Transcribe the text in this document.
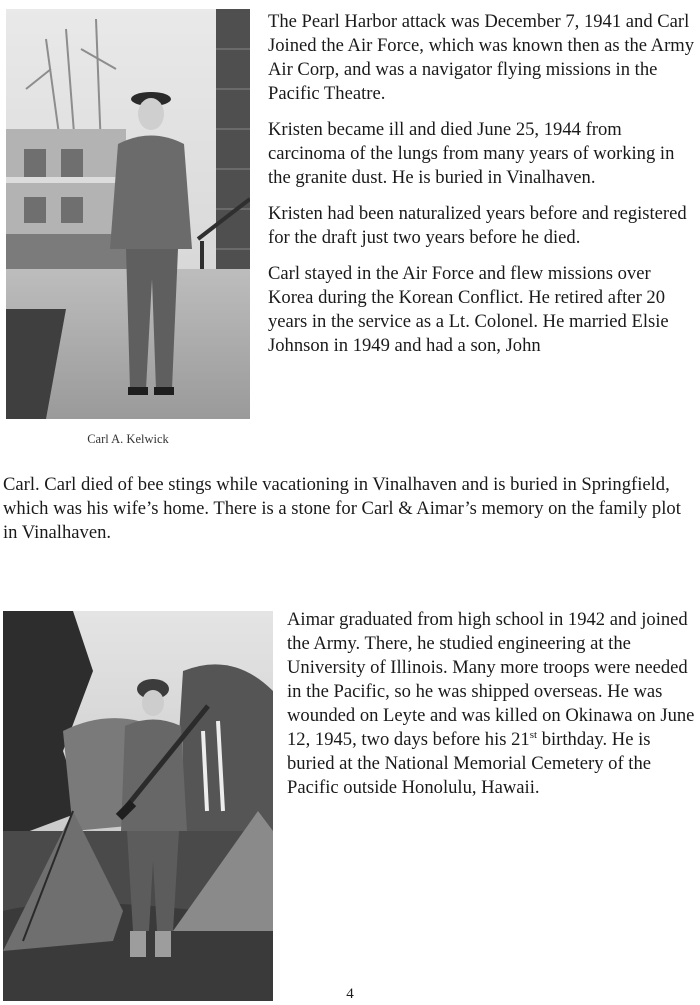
Carl A. Kelwick

The Pearl Harbor attack was December 7, 1941 and Carl Joined the Air Force, which was known then as the Army Air Corp, and was a navigator flying missions in the Pacific Theatre.

Kristen became ill and died June 25, 1944 from carcinoma of the lungs from many years of working in the granite dust. He is buried in Vinalhaven.

Kristen had been naturalized years before and registered for the draft just two years before he died.

Carl stayed in the Air Force and flew missions over Korea during the Korean Conflict. He retired after 20 years in the service as a Lt. Colonel. He married Elsie Johnson in 1949 and had a son, John

Carl. Carl died of bee stings while vacationing in Vinalhaven and is buried in Springfield, which was his wife’s home. There is a stone for Carl & Aimar’s memory on the family plot in Vinalhaven.

Aimar graduated from high school in 1942 and joined the Army. There, he studied engineering at the University of Illinois. Many more troops were needed in the Pacific, so he was shipped overseas. He was wounded on Leyte and was killed on Okinawa on June 12, 1945, two days before his 21st birthday. He is buried at the National Memorial Cemetery of the Pacific outside Honolulu, Hawaii.

4
